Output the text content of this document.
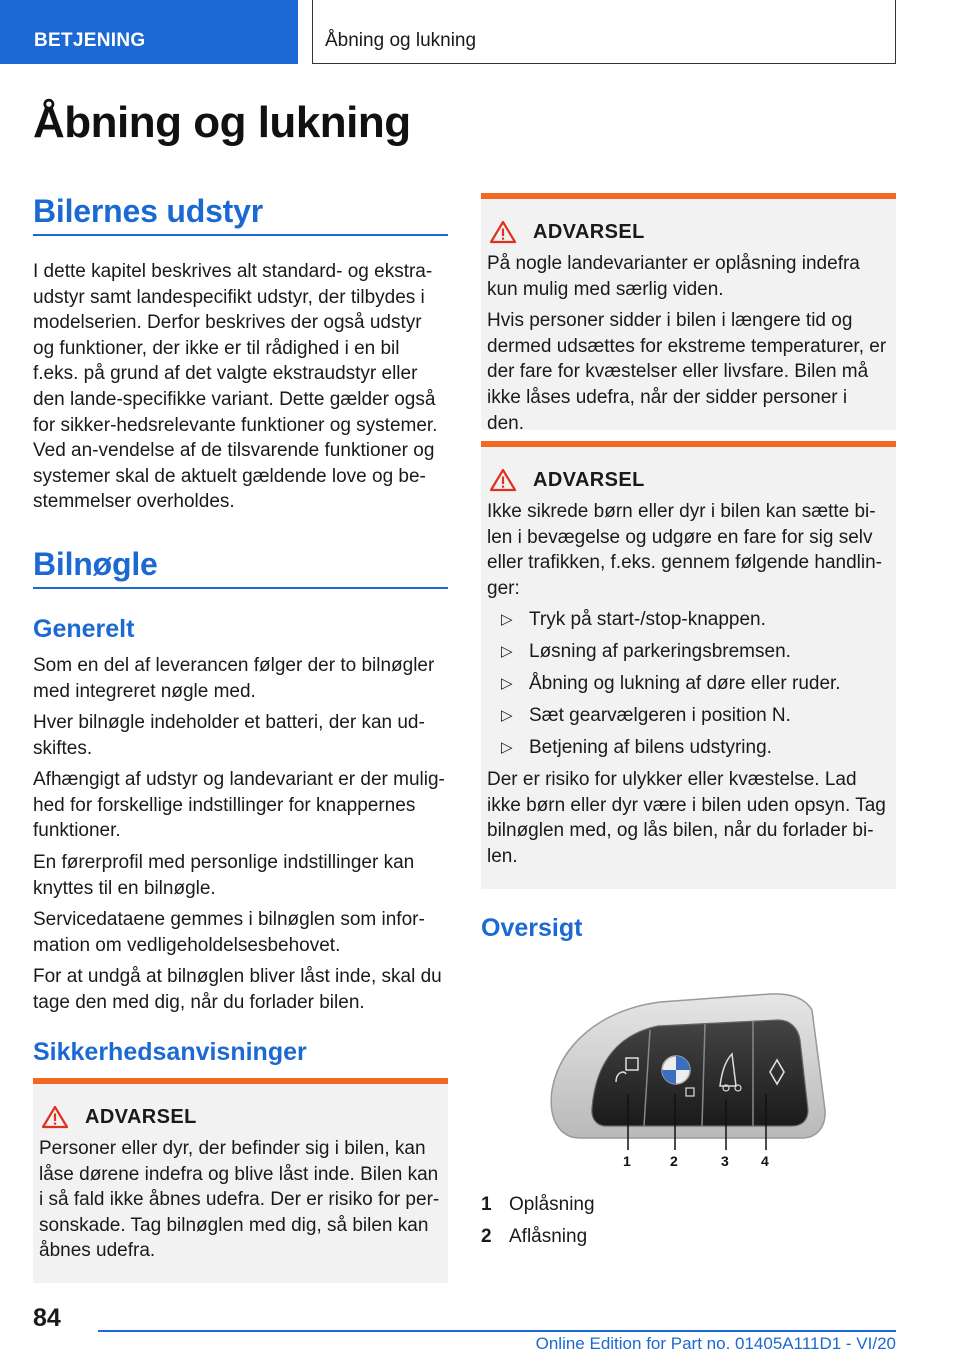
BETJENING	Åbning og lukning
Åbning og lukning
Bilernes udstyr
I dette kapitel beskrives alt standard- og ekstra-udstyr samt landespecifikt udstyr, der tilbydes i modelserien. Derfor beskrives der også udstyr og funktioner, der ikke er til rådighed i en bil f.eks. på grund af det valgte ekstraudstyr eller den lande-specifikke variant. Dette gælder også for sikker-hedsrelevante funktioner og systemer. Ved an-vendelse af de tilsvarende funktioner og systemer skal de aktuelt gældende love og be-stemmelser overholdes.
Bilnøgle
Generelt
Som en del af leverancen følger der to bilnøgler med integreret nøgle med.
Hver bilnøgle indeholder et batteri, der kan ud-skiftes.
Afhængigt af udstyr og landevariant er der mulig-hed for forskellige indstillinger for knappernes funktioner.
En førerprofil med personlige indstillinger kan knyttes til en bilnøgle.
Servicedataene gemmes i bilnøglen som infor-mation om vedligeholdelsesbehovet.
For at undgå at bilnøglen bliver låst inde, skal du tage den med dig, når du forlader bilen.
Sikkerhedsanvisninger
ADVARSEL

Personer eller dyr, der befinder sig i bilen, kan låse dørene indefra og blive låst inde. Bilen kan i så fald ikke åbnes udefra. Der er risiko for per-sonskade. Tag bilnøglen med dig, så bilen kan åbnes udefra.

ADVARSEL

På nogle landevarianter er oplåsning indefra kun mulig med særlig viden.

Hvis personer sidder i bilen i længere tid og dermed udsættes for ekstreme temperaturer, er der fare for kvæstelser eller livsfare. Bilen må ikke låses udefra, når der sidder personer i den.

ADVARSEL

Ikke sikrede børn eller dyr i bilen kan sætte bi-len i bevægelse og udgøre en fare for sig selv eller trafikken, f.eks. gennem følgende handlin-ger:

▷ Tryk på start-/stop-knappen.
▷ Løsning af parkeringsbremsen.
▷ Åbning og lukning af døre eller ruder.
▷ Sæt gearvælgeren i position N.
▷ Betjening af bilens udstyring.

Der er risiko for ulykker eller kvæstelse. Lad ikke børn eller dyr være i bilen uden opsyn. Tag bilnøglen med, og lås bilen, når du forlader bi-len.

Oversigt
1	2	3 4
1 Oplåsning
2 Aflåsning
84
Online Edition for Part no. 01405A111D1 - VI/20
